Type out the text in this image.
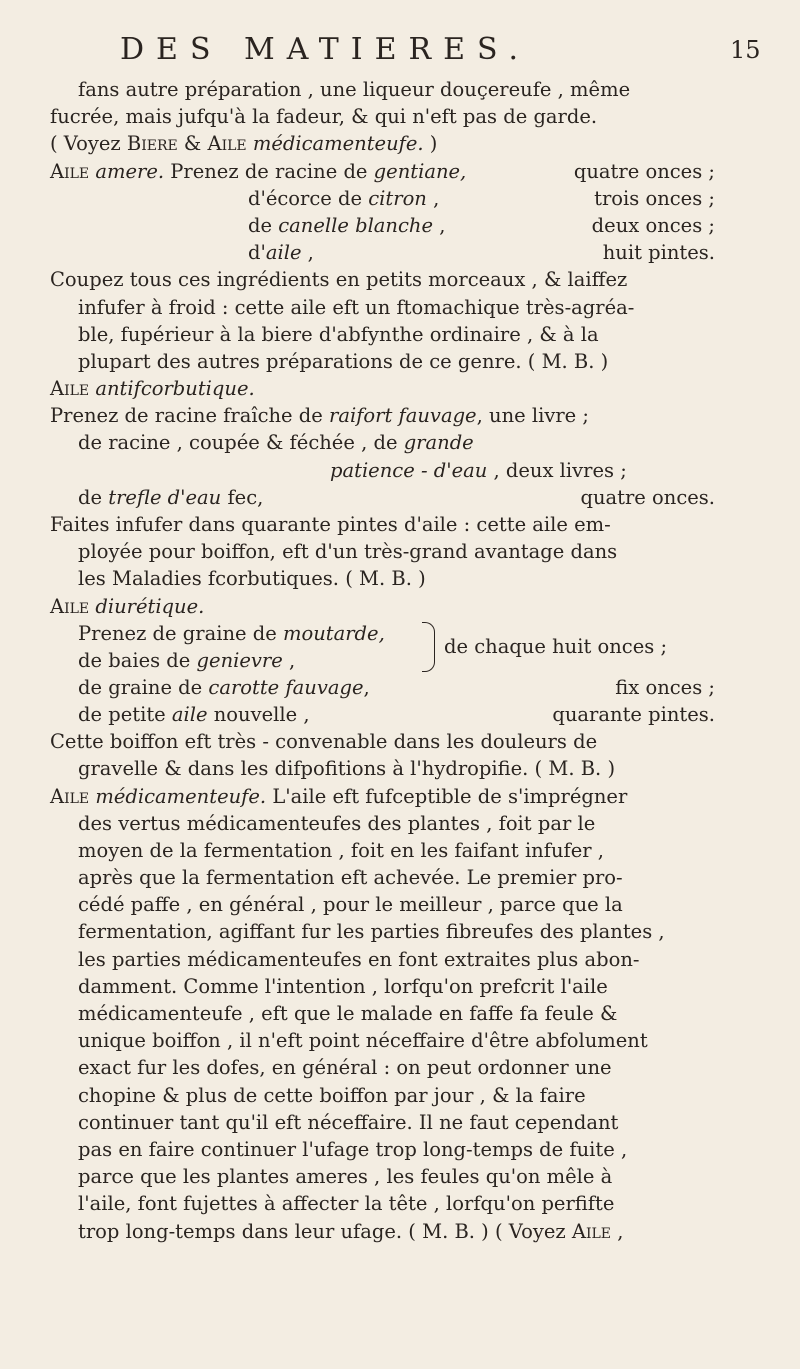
DES MATIERES.	15
fans autre préparation , une liqueur douçereufe , même
fucrée, mais jufqu'à la fadeur, & qui n'eft pas de garde.
( Voyez Biere & Aile médicamenteufe. )
Aile amere. Prenez de racine de gentiane,	quatre onces ;
d'écorce de citron ,	trois onces ;
de canelle blanche ,	deux onces ;
d'aile ,	huit pintes.
Coupez tous ces ingrédients en petits morceaux , & laiffez
infufer à froid : cette aile eft un ftomachique très-agréa-
ble, fupérieur à la biere d'abfynthe ordinaire , & à la
plupart des autres préparations de ce genre. ( M. B. )
Aile antifcorbutique.
Prenez de racine fraîche de raifort fauvage, une livre ;
de racine , coupée & féchée , de grande
patience - d'eau , deux livres ;
de trefle d'eau fec,	quatre onces.
Faites infufer dans quarante pintes d'aile : cette aile em-
ployée pour boiffon, eft d'un très-grand avantage dans
les Maladies fcorbutiques. ( M. B. )
Aile diurétique.
Prenez de graine de moutarde,
de baies de genievre ,
de chaque huit onces ;
de graine de carotte fauvage,	fix onces ;
de petite aile nouvelle ,	quarante pintes.
Cette boiffon eft très - convenable dans les douleurs de
gravelle & dans les difpofitions à l'hydropifie. ( M. B. )
Aile médicamenteufe. L'aile eft fufceptible de s'imprégner
des vertus médicamenteufes des plantes , foit par le
moyen de la fermentation , foit en les faifant infufer ,
après que la fermentation eft achevée. Le premier pro-
cédé paffe , en général , pour le meilleur , parce que la
fermentation, agiffant fur les parties fibreufes des plantes ,
les parties médicamenteufes en font extraites plus abon-
damment. Comme l'intention , lorfqu'on prefcrit l'aile
médicamenteufe , eft que le malade en faffe fa feule &
unique boiffon , il n'eft point néceffaire d'être abfolument
exact fur les dofes, en général : on peut ordonner une
chopine & plus de cette boiffon par jour , & la faire
continuer tant qu'il eft néceffaire. Il ne faut cependant
pas en faire continuer l'ufage trop long-temps de fuite ,
parce que les plantes ameres , les feules qu'on mêle à
l'aile, font fujettes à affecter la tête , lorfqu'on perfifte
trop long-temps dans leur ufage. ( M. B. ) ( Voyez Aile ,
